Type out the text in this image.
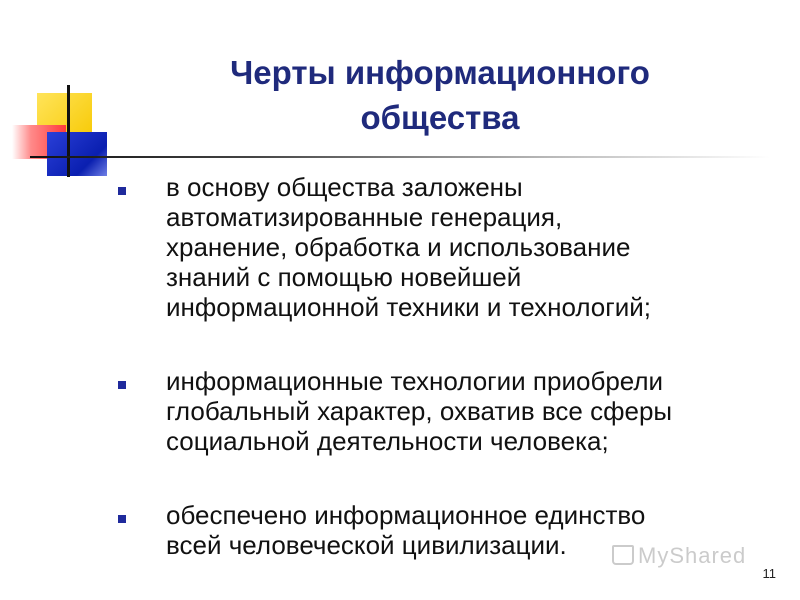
Черты информационного
общества
в основу общества заложены
автоматизированные генерация,
хранение, обработка и использование
знаний с помощью новейшей
информационной техники и технологий;
информационные технологии приобрели
глобальный характер, охватив все сферы
социальной деятельности человека;
обеспечено информационное единство
всей человеческой цивилизации.	MyShared
11
